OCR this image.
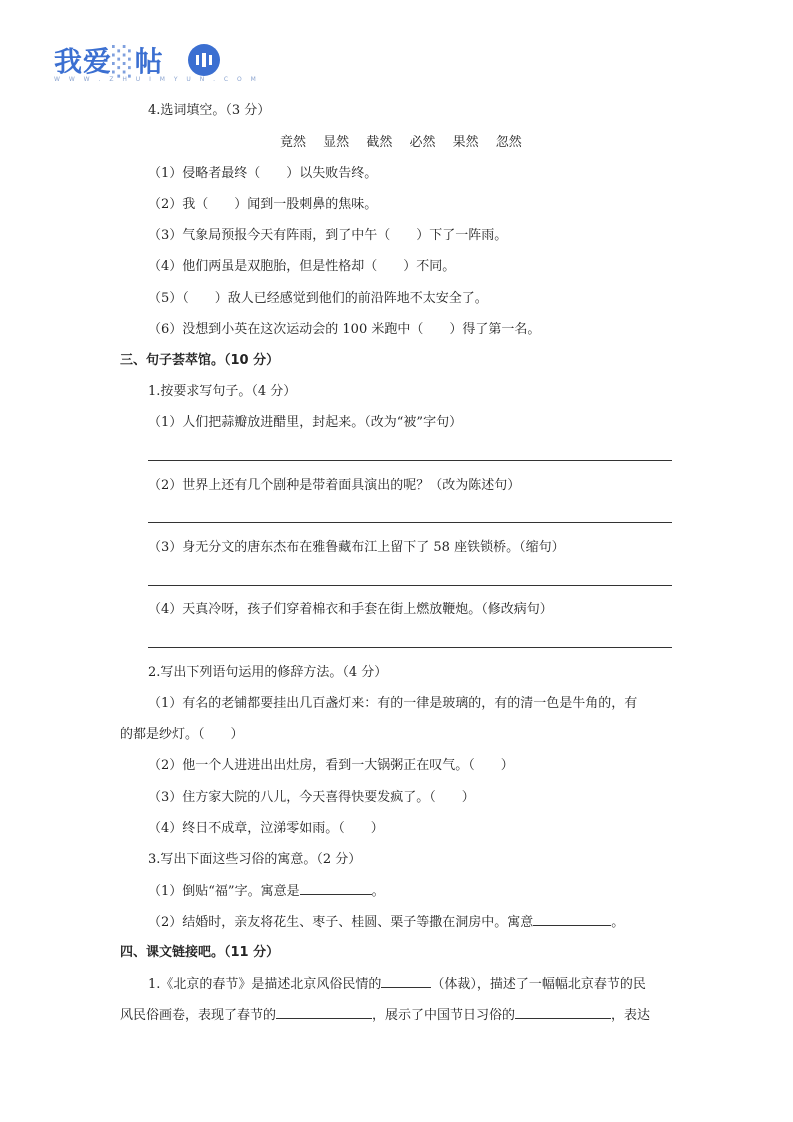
我爱░帖
W W W . Z H U I M Y U N . C O M
4.选词填空。（3 分）
竟然 显然 截然 必然 果然 忽然
（1）侵略者最终（　　）以失败告终。
（2）我（　　）闻到一股刺鼻的焦味。
（3）气象局预报今天有阵雨，到了中午（　　）下了一阵雨。
（4）他们两虽是双胞胎，但是性格却（　　）不同。
（5）（　　）敌人已经感觉到他们的前沿阵地不太安全了。
（6）没想到小英在这次运动会的 100 米跑中（　　）得了第一名。
三、句子荟萃馆。（10 分）
1.按要求写句子。（4 分）
（1）人们把蒜瓣放进醋里，封起来。（改为“被”字句）
（2）世界上还有几个剧种是带着面具演出的呢？（改为陈述句）
（3）身无分文的唐东杰布在雅鲁藏布江上留下了 58 座铁锁桥。（缩句）
（4）天真冷呀，孩子们穿着棉衣和手套在街上燃放鞭炮。（修改病句）
2.写出下列语句运用的修辞方法。（4 分）
（1）有名的老铺都要挂出几百盏灯来：有的一律是玻璃的，有的清一色是牛角的，有
的都是纱灯。（　　）
（2）他一个人进进出出灶房，看到一大锅粥正在叹气。（　　）
（3）住方家大院的八儿，今天喜得快要发疯了。（　　）
（4）终日不成章，泣涕零如雨。（　　）
3.写出下面这些习俗的寓意。（2 分）
（1）倒贴“福”字。寓意是	。
（2）结婚时，亲友将花生、枣子、桂圆、栗子等撒在洞房中。寓意	。
四、课文链接吧。（11 分）
1.《北京的春节》是描述北京风俗民情的	（体裁），描述了一幅幅北京春节的民
风民俗画卷，表现了春节的	，展示了中国节日习俗的	，表达
